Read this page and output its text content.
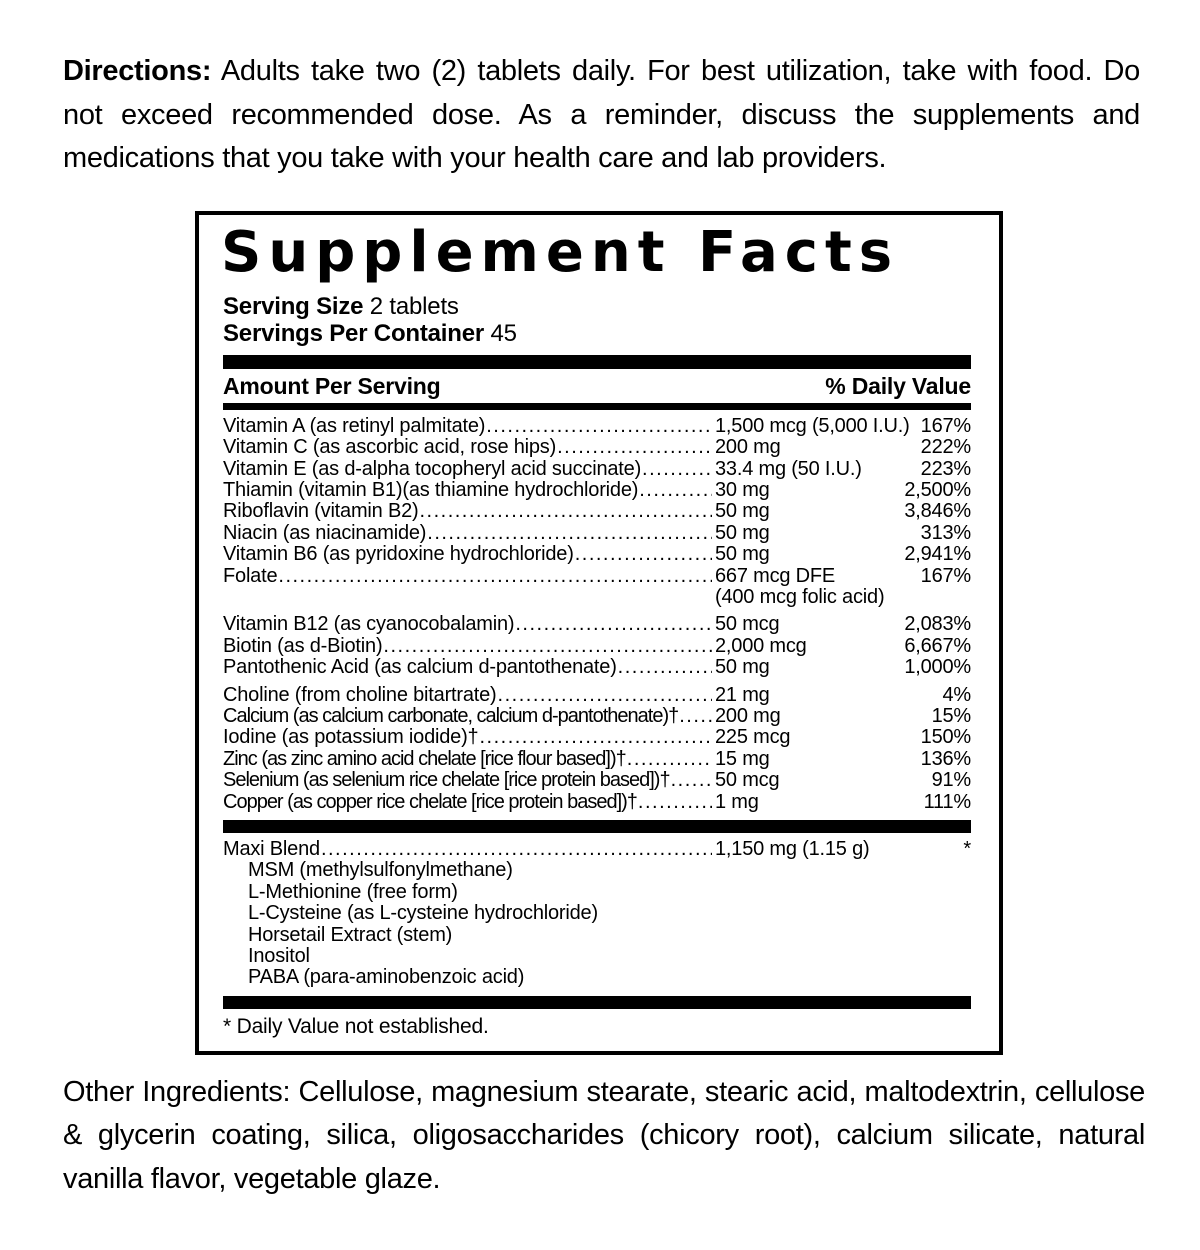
Directions: Adults take two (2) tablets daily. For best utilization, take with food. Do not exceed recommended dose. As a reminder, discuss the supplements and medications that you take with your health care and lab providers.

Supplement Facts
Serving Size 2 tablets
Servings Per Container 45
Amount Per Serving	% Daily Value
Vitamin A (as retinyl palmitate) .....	1,500 mcg (5,000 I.U.) 167%
Vitamin C (as ascorbic acid, rose hips) .....	200 mg	222%
Vitamin E (as d-alpha tocopheryl acid succinate) .....	33.4 mg (50 I.U.)	223%
Thiamin (vitamin B1)(as thiamine hydrochloride) .....	30 mg	2,500%
Riboflavin (vitamin B2) .....	50 mg	3,846%
Niacin (as niacinamide) .....	50 mg	313%
Vitamin B6 (as pyridoxine hydrochloride) .....	50 mg	2,941%
Folate .....	667 mcg DFE	167%
(400 mcg folic acid)
Vitamin B12 (as cyanocobalamin) .....	50 mcg	2,083%
Biotin (as d-Biotin) .....	2,000 mcg	6,667%
Pantothenic Acid (as calcium d-pantothenate) .....	50 mg	1,000%
Choline (from choline bitartrate) .....	21 mg	4%
Calcium (as calcium carbonate, calcium d-pantothenate)† ..... 200 mg	15%
Iodine (as potassium iodide)† .....	225 mcg	150%
Zinc (as zinc amino acid chelate [rice flour based])† .....	15 mg	136%
Selenium (as selenium rice chelate [rice protein based])† ..... 50 mcg	91%
Copper (as copper rice chelate [rice protein based])† .....	1 mg	111%
Maxi Blend .....	1,150 mg (1.15 g)	*
MSM (methylsulfonylmethane)
L-Methionine (free form)
L-Cysteine (as L-cysteine hydrochloride)
Horsetail Extract (stem)
Inositol
PABA (para-aminobenzoic acid)
* Daily Value not established.

Other Ingredients: Cellulose, magnesium stearate, stearic acid, maltodextrin, cellulose & glycerin coating, silica, oligosaccharides (chicory root), calcium silicate, natural vanilla flavor, vegetable glaze.
